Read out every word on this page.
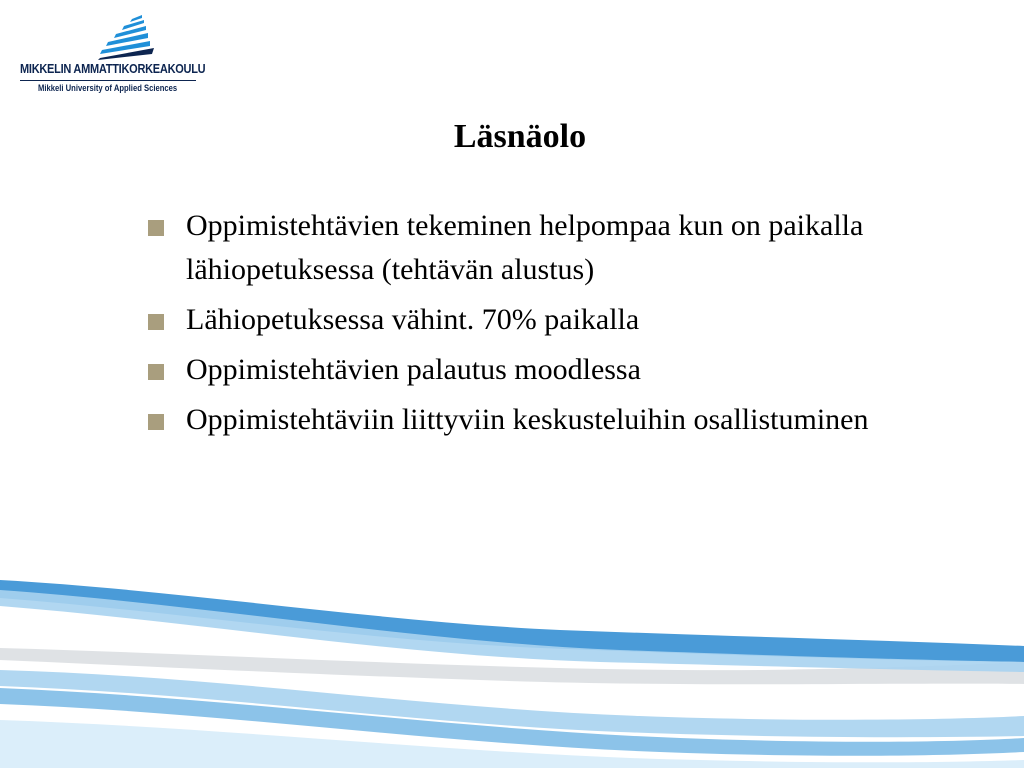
MIKKELIN AMMATTIKORKEAKOULU
Mikkeli University of Applied Sciences
Läsnäolo
Oppimistehtävien tekeminen helpompaa kun on paikalla lähiopetuksessa (tehtävän alustus)
Lähiopetuksessa vähint. 70% paikalla
Oppimistehtävien palautus moodlessa
Oppimistehtäviin liittyviin keskusteluihin osallistuminen
